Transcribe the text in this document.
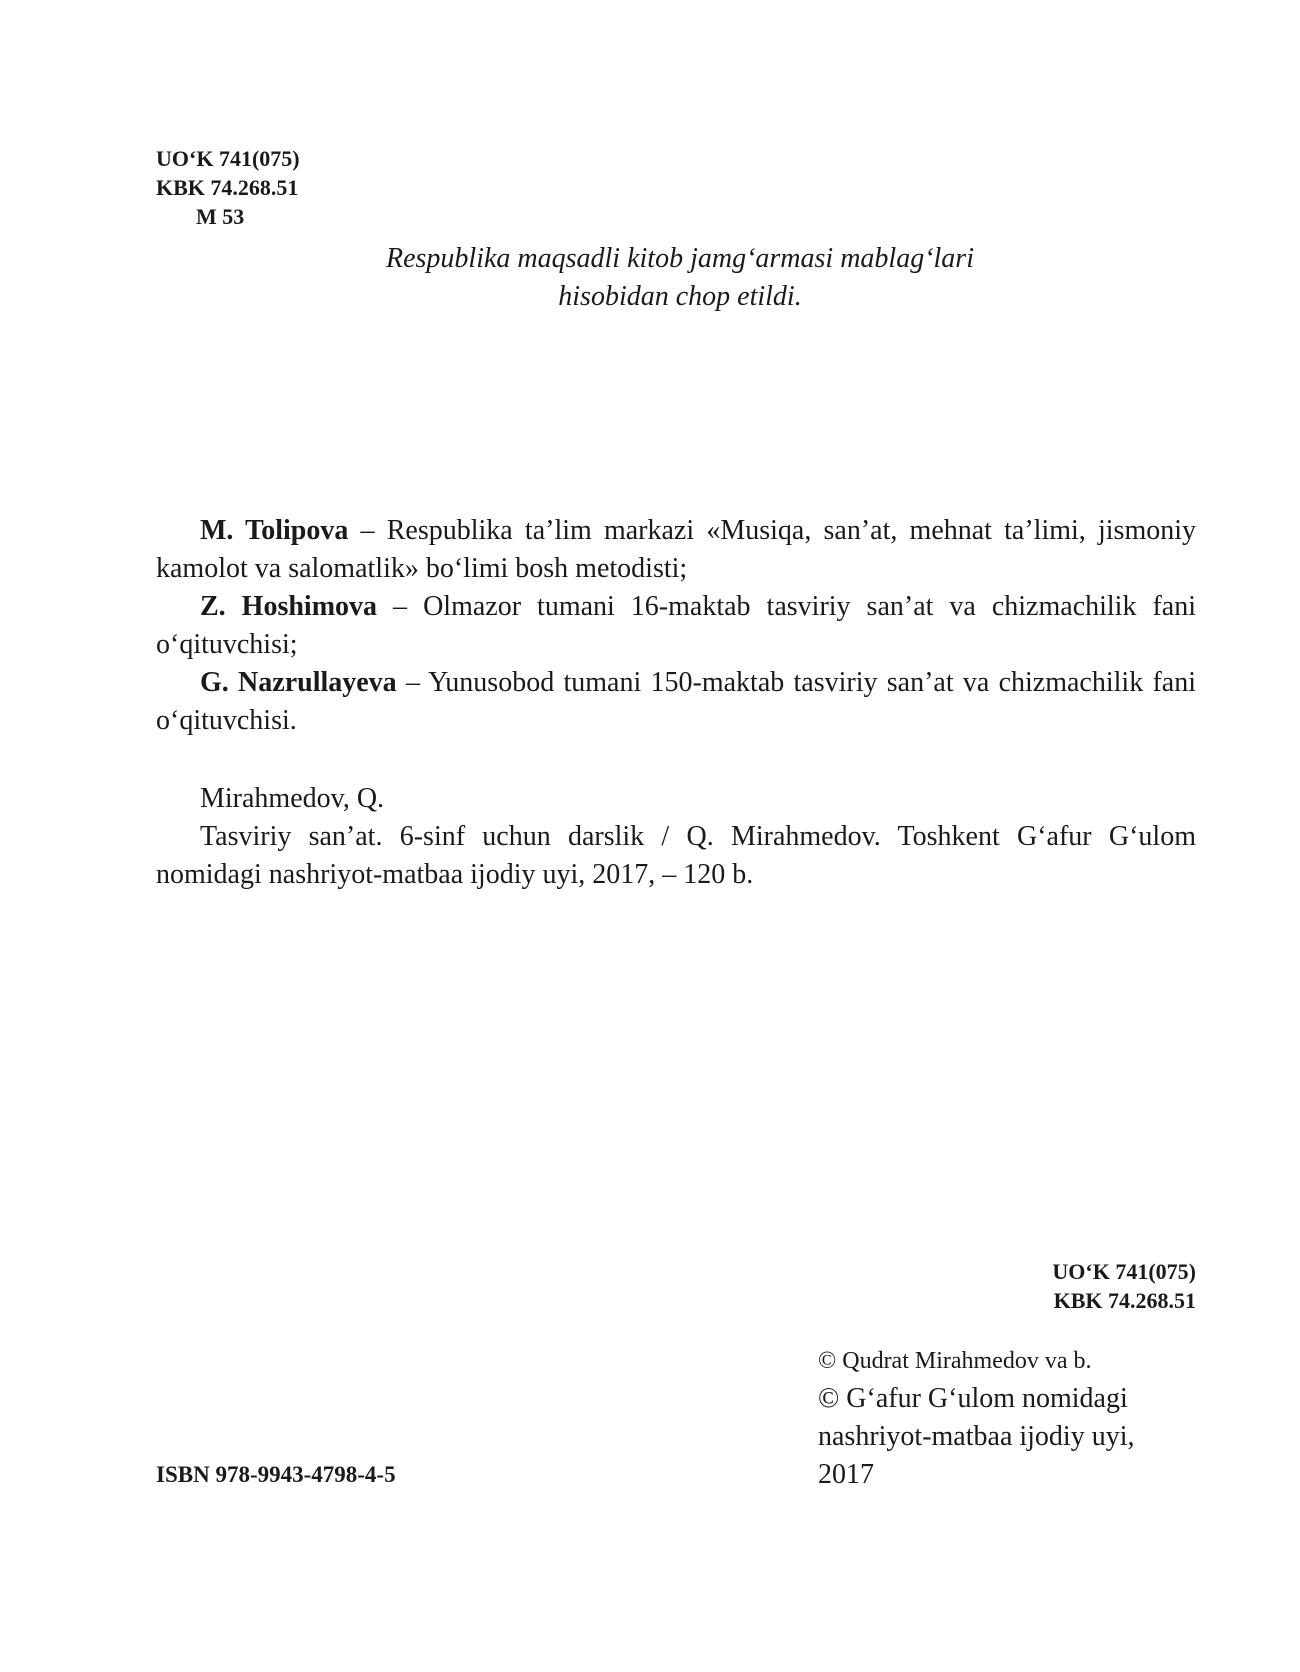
UO‘K 741(075)
KBK 74.268.51
M 53
Respublika maqsadli kitob jamg‘armasi mablag‘lari
hisobidan chop etildi.

M. Tolipova – Respublika ta’lim markazi «Musiqa, san’at, mehnat ta’limi, jismoniy kamolot va salomatlik» bo‘limi bosh metodisti;

Z. Hoshimova – Olmazor tumani 16-maktab tasviriy san’at va chizmachilik fani o‘qituvchisi;

G. Nazrullayeva – Yunusobod tumani 150-maktab tasviriy san’at va chizmachilik fani o‘qituvchisi.

Mirahmedov, Q.

Tasviriy san’at. 6-sinf uchun darslik / Q. Mirahmedov. Toshkent G‘afur G‘ulom nomidagi nashriyot-matbaa ijodiy uyi, 2017, – 120 b.

UO‘K 741(075)
KBK 74.268.51
© Qudrat Mirahmedov va b.
© G‘afur G‘ulom nomidagi
nashriyot-matbaa ijodiy uyi,
2017
ISBN 978-9943-4798-4-5
